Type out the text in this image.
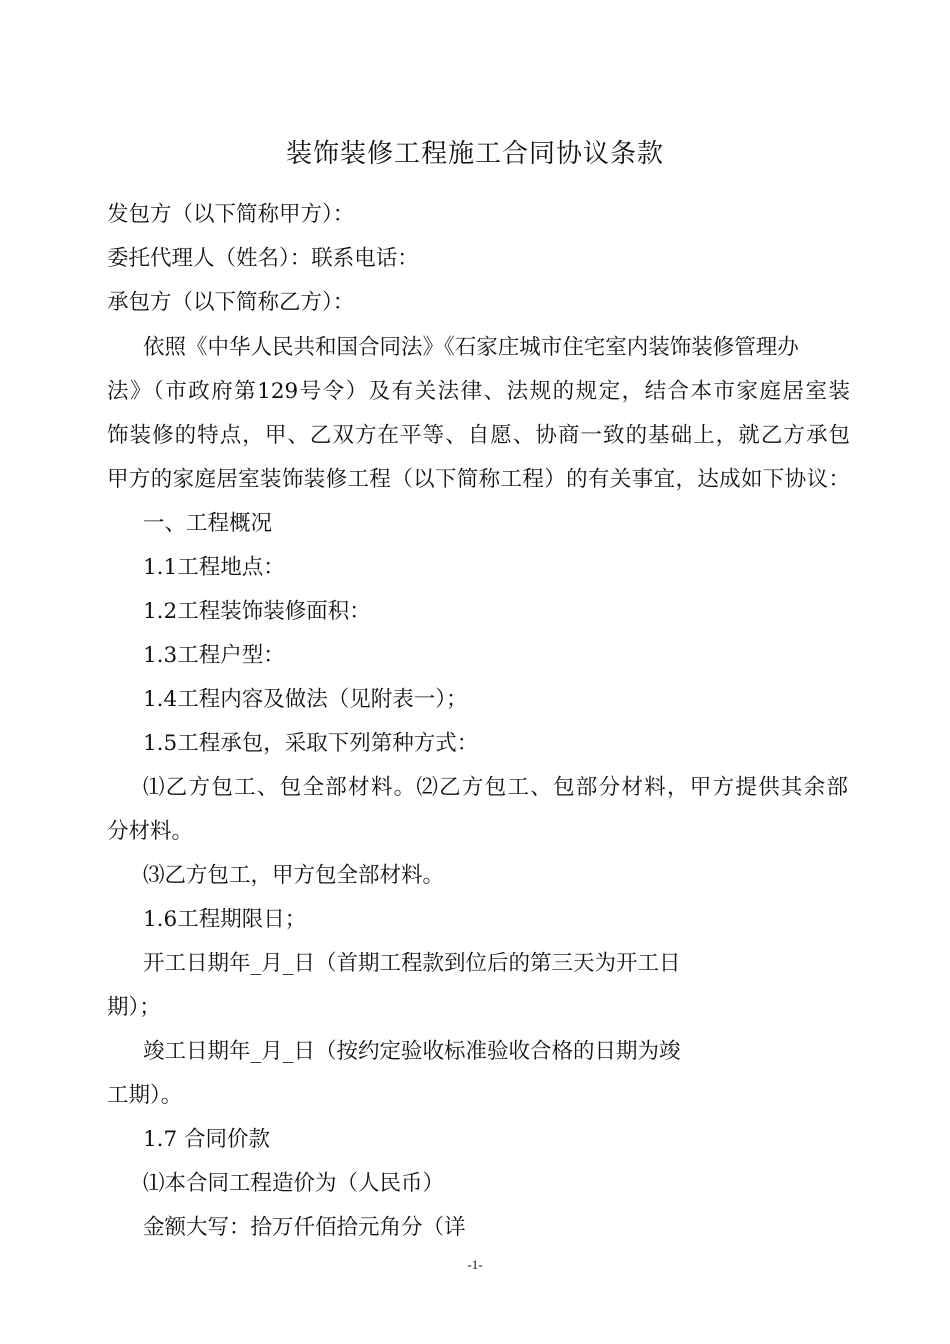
装饰装修工程施工合同协议条款
发包方（以下简称甲方）：
委托代理人（姓名）：联系电话：
承包方（以下简称乙方）：
依照《中华人民共和国合同法》《石家庄城市住宅室内装饰装修管理办
法》（市政府第129号令）及有关法律、法规的规定，结合本市家庭居室装
饰装修的特点，甲、乙双方在平等、自愿、协商一致的基础上，就乙方承包
甲方的家庭居室装饰装修工程（以下简称工程）的有关事宜，达成如下协议：
一、工程概况
1.1工程地点：
1.2工程装饰装修面积：
1.3工程户型：
1.4工程内容及做法（见附表一）；
1.5工程承包，采取下列第种方式：
⑴乙方包工、包全部材料。⑵乙方包工、包部分材料，甲方提供其余部
分材料。
⑶乙方包工，甲方包全部材料。
1.6工程期限日；
开工日期年_月_日（首期工程款到位后的第三天为开工日
期）；
竣工日期年_月_日（按约定验收标准验收合格的日期为竣
工期）。
1.7 合同价款
⑴本合同工程造价为（人民币）
金额大写：拾万仟佰拾元角分（详
-1-
